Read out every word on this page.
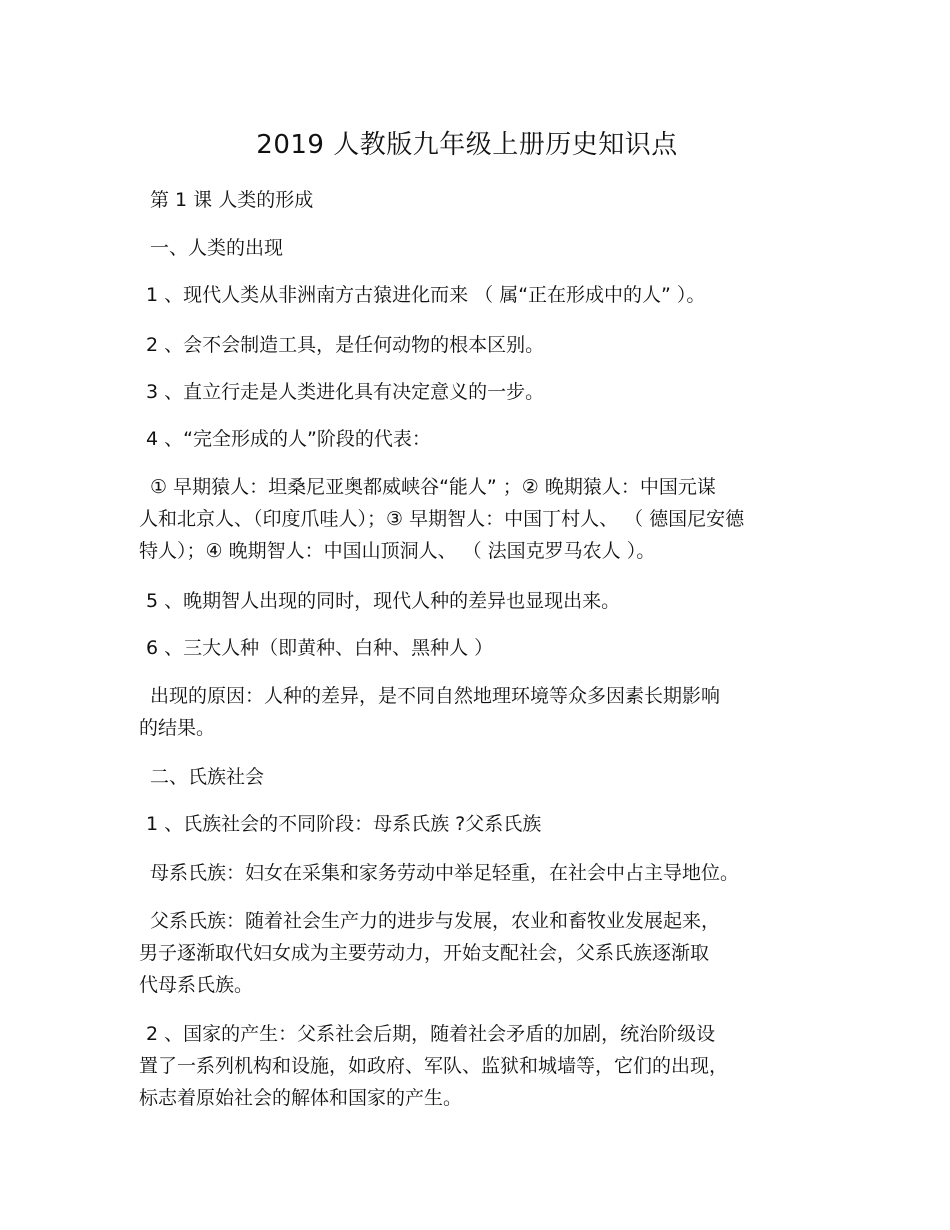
2019 人教版九年级上册历史知识点
第 1 课 人类的形成
一、人类的出现
1 、现代人类从非洲南方古猿进化而来 （ 属“正在形成中的人” ）。
2 、会不会制造工具，是任何动物的根本区别。
3 、直立行走是人类进化具有决定意义的一步。
4 、“完全形成的人”阶段的代表：
① 早期猿人：坦桑尼亚奥都威峡谷“能人” ；② 晚期猿人：中国元谋
人和北京人、（印度爪哇人）；③ 早期智人：中国丁村人、 （ 德国尼安德
特人）；④ 晚期智人：中国山顶洞人、 （ 法国克罗马农人 ）。
5 、晚期智人出现的同时，现代人种的差异也显现出来。
6 、三大人种（即黄种、白种、黑种人 ）
出现的原因：人种的差异，是不同自然地理环境等众多因素长期影响
的结果。
二、氏族社会
1 、氏族社会的不同阶段：母系氏族 ?父系氏族
母系氏族：妇女在采集和家务劳动中举足轻重，在社会中占主导地位。
父系氏族：随着社会生产力的进步与发展，农业和畜牧业发展起来，
男子逐渐取代妇女成为主要劳动力，开始支配社会，父系氏族逐渐取
代母系氏族。
2 、国家的产生：父系社会后期，随着社会矛盾的加剧，统治阶级设
置了一系列机构和设施，如政府、军队、监狱和城墙等，它们的出现，
标志着原始社会的解体和国家的产生。
